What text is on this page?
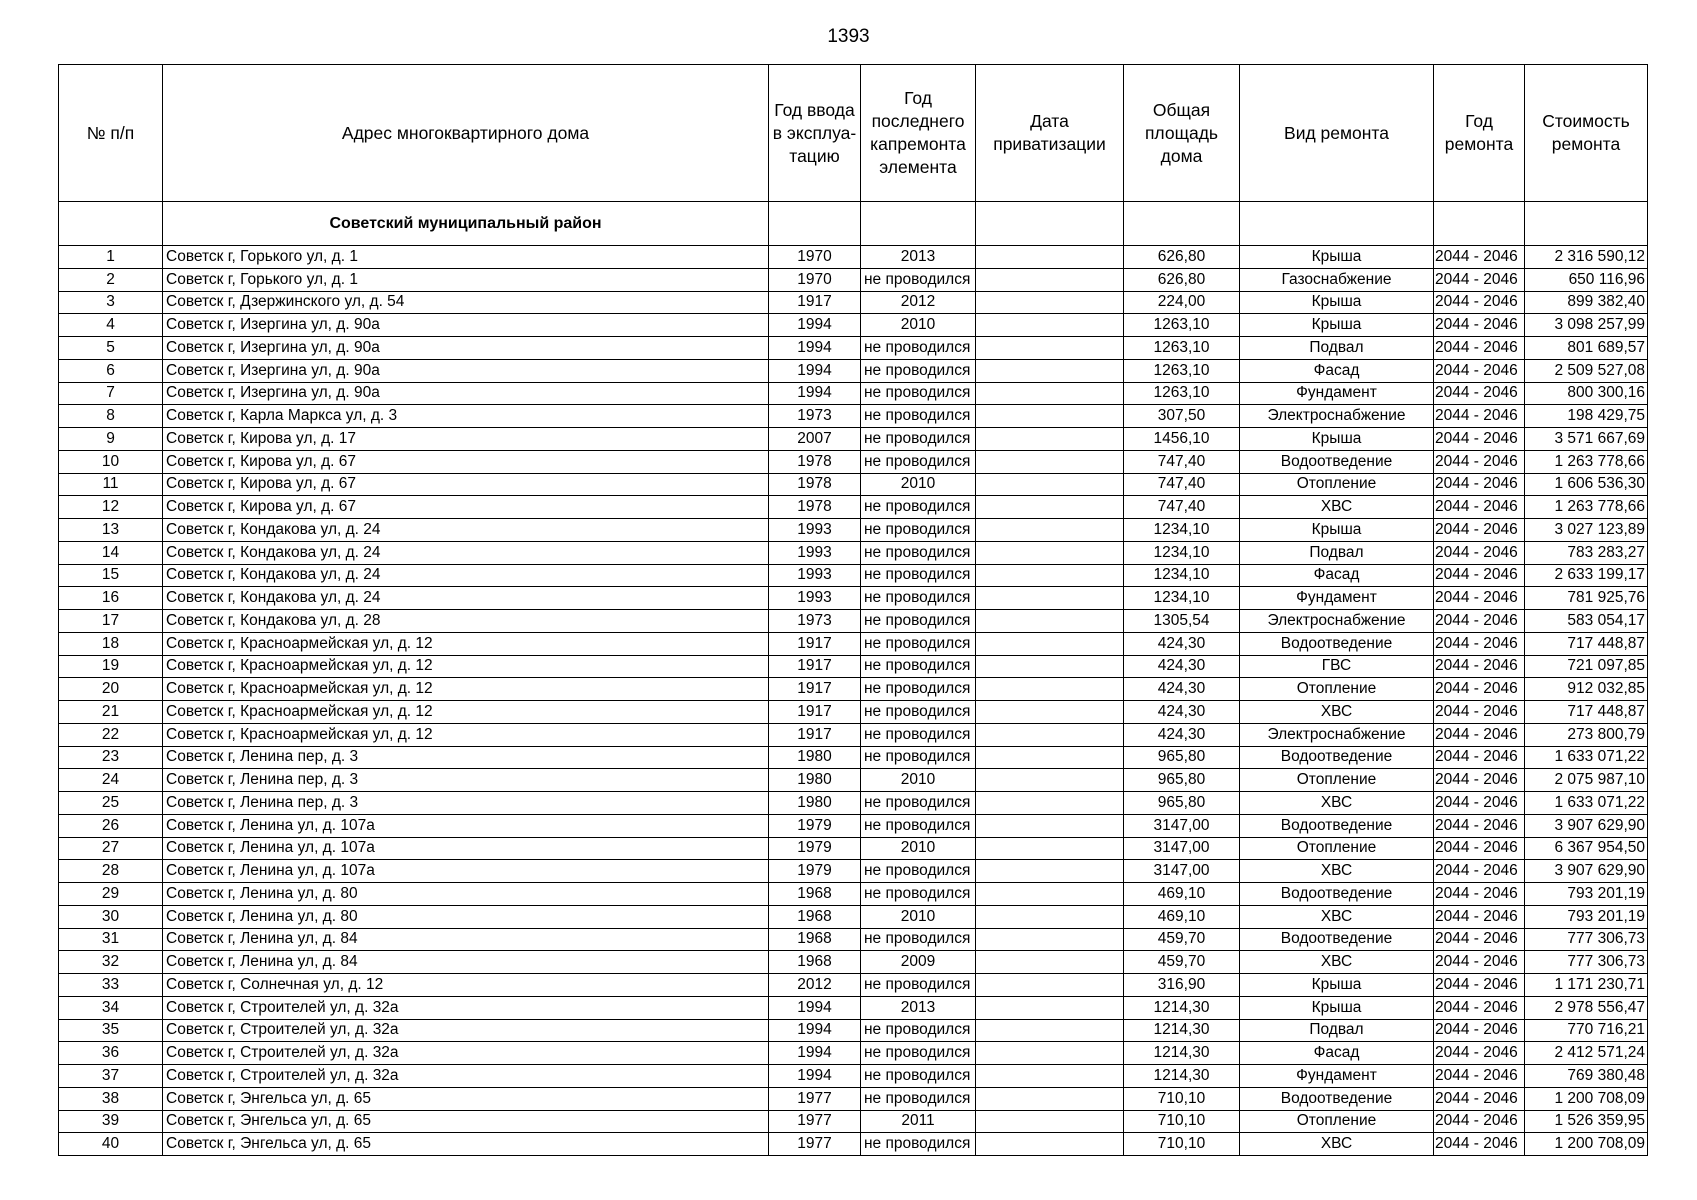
1393
№ п/п	Адрес многоквартирного дома	Год ввода в эксплуа-тацию	Год последнего капремонта элемента	Дата приватизации	Общая площадь дома	Вид ремонта	Год ремонта	Стоимость ремонта
	Советский муниципальный район							
1	Советск г, Горького ул, д. 1	1970	2013		626,80	Крыша	2044 - 2046	2 316 590,12
2	Советск г, Горького ул, д. 1	1970	не проводился		626,80	Газоснабжение	2044 - 2046	650 116,96
3	Советск г, Дзержинского ул, д. 54	1917	2012		224,00	Крыша	2044 - 2046	899 382,40
4	Советск г, Изергина ул, д. 90а	1994	2010		1263,10	Крыша	2044 - 2046	3 098 257,99
5	Советск г, Изергина ул, д. 90а	1994	не проводился		1263,10	Подвал	2044 - 2046	801 689,57
6	Советск г, Изергина ул, д. 90а	1994	не проводился		1263,10	Фасад	2044 - 2046	2 509 527,08
7	Советск г, Изергина ул, д. 90а	1994	не проводился		1263,10	Фундамент	2044 - 2046	800 300,16
8	Советск г, Карла Маркса ул, д. 3	1973	не проводился		307,50	Электроснабжение	2044 - 2046	198 429,75
9	Советск г, Кирова ул, д. 17	2007	не проводился		1456,10	Крыша	2044 - 2046	3 571 667,69
10	Советск г, Кирова ул, д. 67	1978	не проводился		747,40	Водоотведение	2044 - 2046	1 263 778,66
11	Советск г, Кирова ул, д. 67	1978	2010		747,40	Отопление	2044 - 2046	1 606 536,30
12	Советск г, Кирова ул, д. 67	1978	не проводился		747,40	ХВС	2044 - 2046	1 263 778,66
13	Советск г, Кондакова ул, д. 24	1993	не проводился		1234,10	Крыша	2044 - 2046	3 027 123,89
14	Советск г, Кондакова ул, д. 24	1993	не проводился		1234,10	Подвал	2044 - 2046	783 283,27
15	Советск г, Кондакова ул, д. 24	1993	не проводился		1234,10	Фасад	2044 - 2046	2 633 199,17
16	Советск г, Кондакова ул, д. 24	1993	не проводился		1234,10	Фундамент	2044 - 2046	781 925,76
17	Советск г, Кондакова ул, д. 28	1973	не проводился		1305,54	Электроснабжение	2044 - 2046	583 054,17
18	Советск г, Красноармейская ул, д. 12	1917	не проводился		424,30	Водоотведение	2044 - 2046	717 448,87
19	Советск г, Красноармейская ул, д. 12	1917	не проводился		424,30	ГВС	2044 - 2046	721 097,85
20	Советск г, Красноармейская ул, д. 12	1917	не проводился		424,30	Отопление	2044 - 2046	912 032,85
21	Советск г, Красноармейская ул, д. 12	1917	не проводился		424,30	ХВС	2044 - 2046	717 448,87
22	Советск г, Красноармейская ул, д. 12	1917	не проводился		424,30	Электроснабжение	2044 - 2046	273 800,79
23	Советск г, Ленина пер, д. 3	1980	не проводился		965,80	Водоотведение	2044 - 2046	1 633 071,22
24	Советск г, Ленина пер, д. 3	1980	2010		965,80	Отопление	2044 - 2046	2 075 987,10
25	Советск г, Ленина пер, д. 3	1980	не проводился		965,80	ХВС	2044 - 2046	1 633 071,22
26	Советск г, Ленина ул, д. 107а	1979	не проводился		3147,00	Водоотведение	2044 - 2046	3 907 629,90
27	Советск г, Ленина ул, д. 107а	1979	2010		3147,00	Отопление	2044 - 2046	6 367 954,50
28	Советск г, Ленина ул, д. 107а	1979	не проводился		3147,00	ХВС	2044 - 2046	3 907 629,90
29	Советск г, Ленина ул, д. 80	1968	не проводился		469,10	Водоотведение	2044 - 2046	793 201,19
30	Советск г, Ленина ул, д. 80	1968	2010		469,10	ХВС	2044 - 2046	793 201,19
31	Советск г, Ленина ул, д. 84	1968	не проводился		459,70	Водоотведение	2044 - 2046	777 306,73
32	Советск г, Ленина ул, д. 84	1968	2009		459,70	ХВС	2044 - 2046	777 306,73
33	Советск г, Солнечная ул, д. 12	2012	не проводился		316,90	Крыша	2044 - 2046	1 171 230,71
34	Советск г, Строителей ул, д. 32а	1994	2013		1214,30	Крыша	2044 - 2046	2 978 556,47
35	Советск г, Строителей ул, д. 32а	1994	не проводился		1214,30	Подвал	2044 - 2046	770 716,21
36	Советск г, Строителей ул, д. 32а	1994	не проводился		1214,30	Фасад	2044 - 2046	2 412 571,24
37	Советск г, Строителей ул, д. 32а	1994	не проводился		1214,30	Фундамент	2044 - 2046	769 380,48
38	Советск г, Энгельса ул, д. 65	1977	не проводился		710,10	Водоотведение	2044 - 2046	1 200 708,09
39	Советск г, Энгельса ул, д. 65	1977	2011		710,10	Отопление	2044 - 2046	1 526 359,95
40	Советск г, Энгельса ул, д. 65	1977	не проводился		710,10	ХВС	2044 - 2046	1 200 708,09
